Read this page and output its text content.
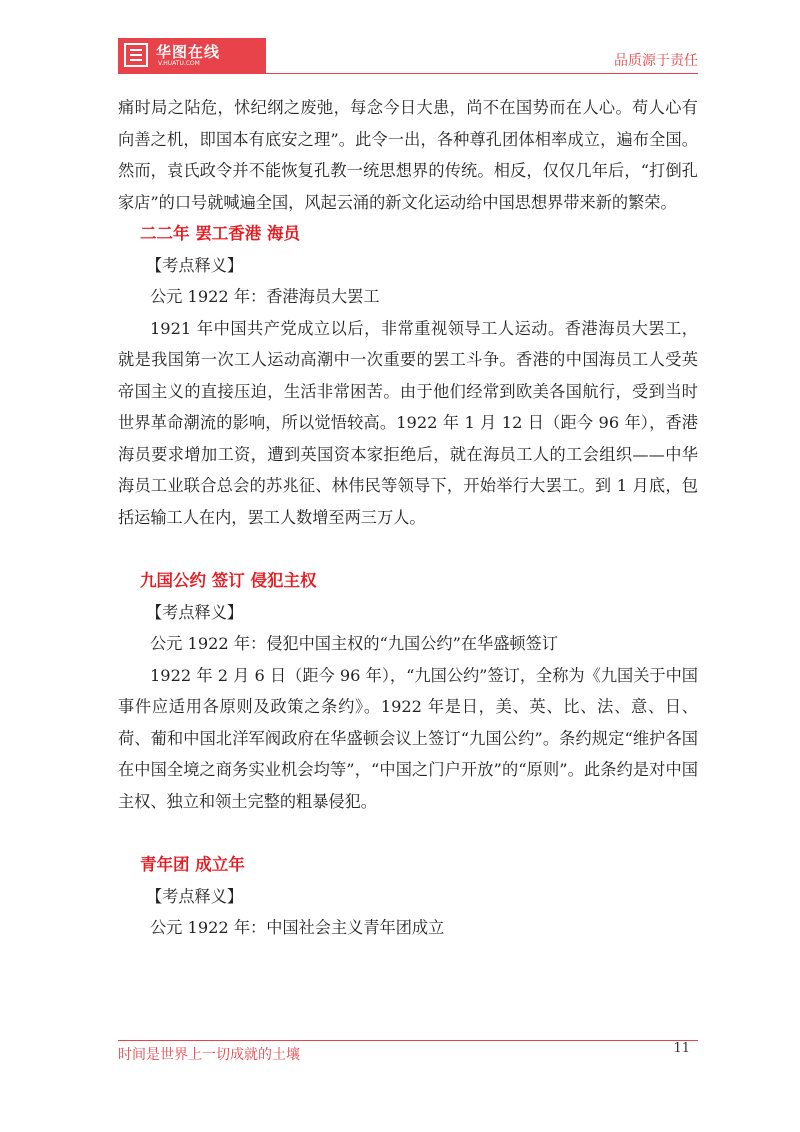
华图在线
V.HUATU.COM	品质源于责任

痛时局之阽危，怵纪纲之废弛，每念今日大患，尚不在国势而在人心。苟人心有向善之机，即国本有底安之理”。此令一出，各种尊孔团体相率成立，遍布全国。然而，袁氏政令并不能恢复孔教一统思想界的传统。相反，仅仅几年后，“打倒孔家店”的口号就喊遍全国，风起云涌的新文化运动给中国思想界带来新的繁荣。

二二年 罢工香港 海员

【考点释义】

公元 1922 年：香港海员大罢工

1921 年中国共产党成立以后，非常重视领导工人运动。香港海员大罢工，就是我国第一次工人运动高潮中一次重要的罢工斗争。香港的中国海员工人受英帝国主义的直接压迫，生活非常困苦。由于他们经常到欧美各国航行，受到当时世界革命潮流的影响，所以觉悟较高。1922 年 1 月 12 日（距今 96 年），香港海员要求增加工资，遭到英国资本家拒绝后，就在海员工人的工会组织——中华海员工业联合总会的苏兆征、林伟民等领导下，开始举行大罢工。到 1 月底，包括运输工人在内，罢工人数增至两三万人。

九国公约 签订 侵犯主权

【考点释义】

公元 1922 年：侵犯中国主权的“九国公约”在华盛顿签订

1922 年 2 月 6 日（距今 96 年），“九国公约”签订，全称为《九国关于中国事件应适用各原则及政策之条约》。1922 年是日，美、英、比、法、意、日、荷、葡和中国北洋军阀政府在华盛顿会议上签订“九国公约”。条约规定“维护各国在中国全境之商务实业机会均等”，“中国之门户开放”的“原则”。此条约是对中国主权、独立和领土完整的粗暴侵犯。

青年团 成立年

【考点释义】

公元 1922 年：中国社会主义青年团成立

时间是世界上一切成就的土壤	11
